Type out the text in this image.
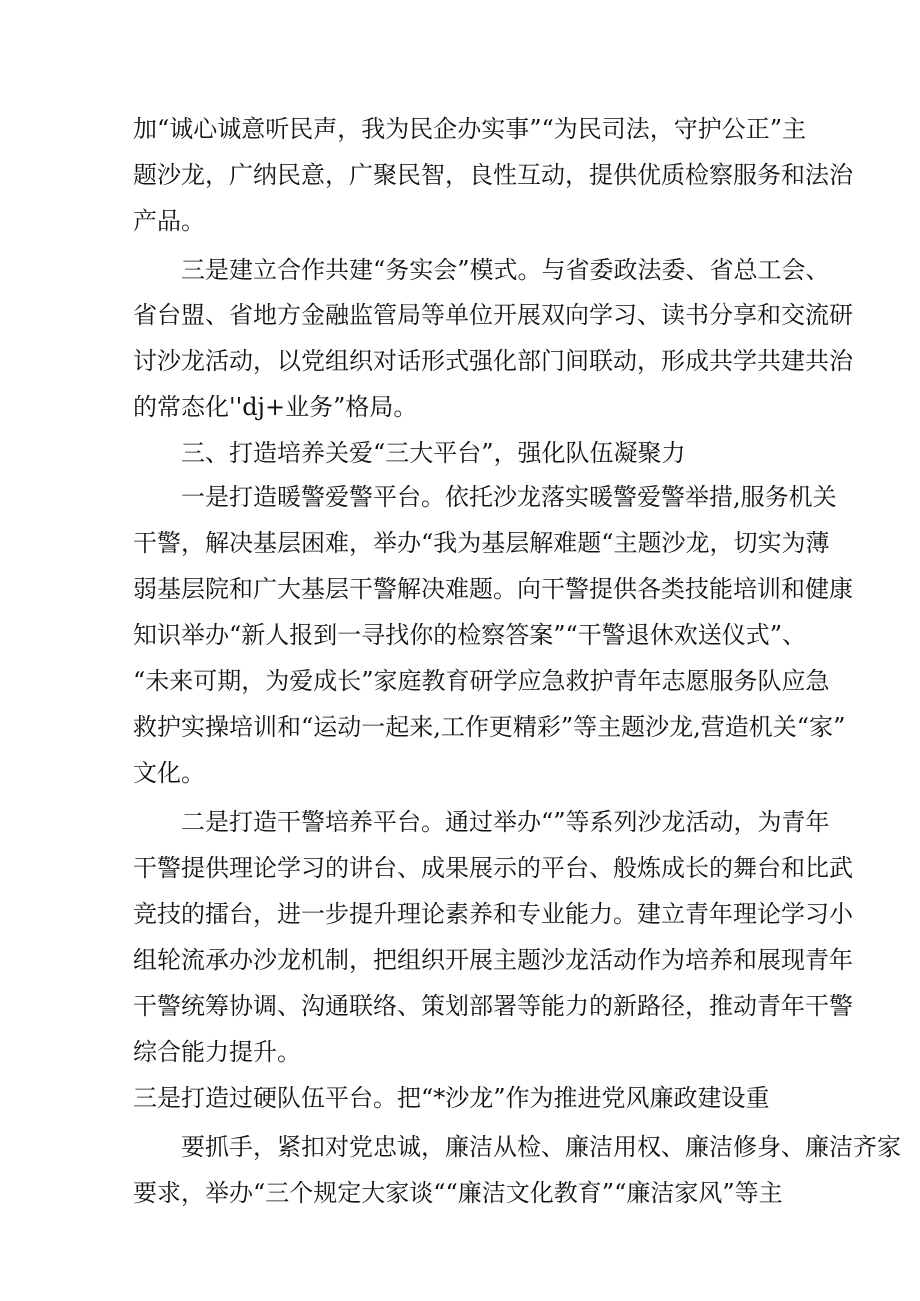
加“诚心诚意听民声，我为民企办实事”“为民司法，守护公正”主
题沙龙，广纳民意，广聚民智，良性互动，提供优质检察服务和法治
产品。
三是建立合作共建“务实会”模式。与省委政法委、省总工会、
省台盟、省地方金融监管局等单位开展双向学习、读书分享和交流研
讨沙龙活动，以党组织对话形式强化部门间联动，形成共学共建共治
的常态化''dj+业务”格局。
三、打造培养关爱“三大平台”，强化队伍凝聚力
一是打造暖警爱警平台。依托沙龙落实暖警爱警举措,服务机关
干警，解决基层困难，举办“我为基层解难题“主题沙龙，切实为薄
弱基层院和广大基层干警解决难题。向干警提供各类技能培训和健康
知识举办“新人报到一寻找你的检察答案”“干警退休欢送仪式”、
“未来可期，为爱成长”家庭教育研学应急救护青年志愿服务队应急
救护实操培训和“运动一起来,工作更精彩”等主题沙龙,营造机关“家”
文化。
二是打造干警培养平台。通过举办“”等系列沙龙活动，为青年
干警提供理论学习的讲台、成果展示的平台、般炼成长的舞台和比武
竞技的擂台，进一步提升理论素养和专业能力。建立青年理论学习小
组轮流承办沙龙机制，把组织开展主题沙龙活动作为培养和展现青年
干警统筹协调、沟通联络、策划部署等能力的新路径，推动青年干警
综合能力提升。
三是打造过硬队伍平台。把“*沙龙”作为推进党风廉政建设重
要抓手，紧扣对党忠诚，廉洁从检、廉洁用权、廉洁修身、廉洁齐家
要求，举办“三个规定大家谈““廉洁文化教育”“廉洁家风”等主
